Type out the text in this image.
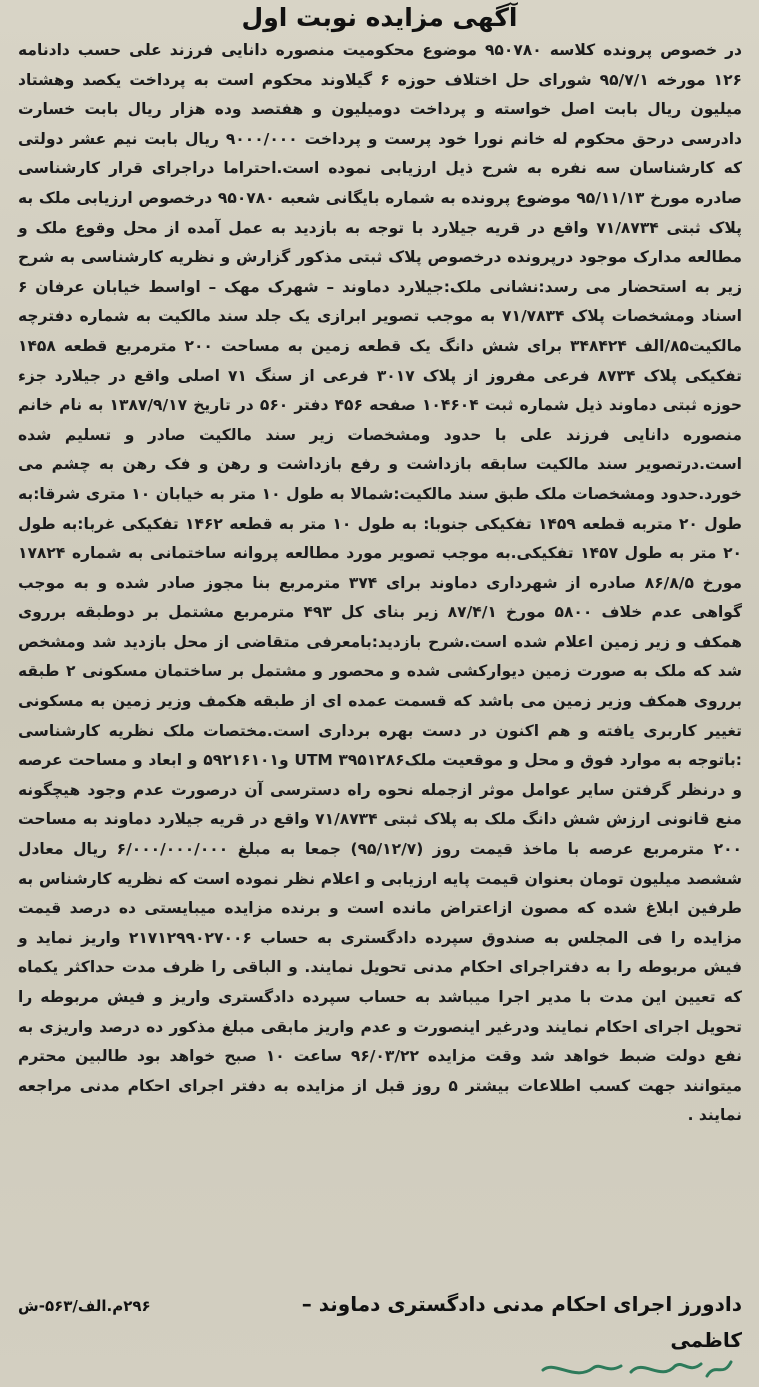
آگهی مزایده نوبت اول
در خصوص پرونده کلاسه ۹۵۰۷۸۰ موضوع محکومیت منصوره دانایی فرزند علی حسب دادنامه ۱۲۶ مورخه ۹۵/۷/۱ شورای حل اختلاف حوزه ۶ گیلاوند محکوم است به پرداخت یکصد وهشتاد میلیون ریال بابت اصل خواسته و پرداخت دومیلیون و هفتصد وده هزار ریال بابت خسارت دادرسی درحق محکوم له خانم نورا خود پرست و پرداخت ۹۰۰۰/۰۰۰ ریال بابت نیم عشر دولتی که کارشناسان سه نفره به شرح ذیل ارزیابی نموده است.احتراما دراجرای قرار کارشناسی صادره مورخ ۹۵/۱۱/۱۳ موضوع پرونده به شماره بایگانی شعبه ۹۵۰۷۸۰ درخصوص ارزیابی ملک به پلاک ثبتی ۷۱/۸۷۳۴ واقع در قریه جیلارد با توجه به بازدید به عمل آمده از محل وقوع ملک و مطالعه مدارک موجود درپرونده درخصوص پلاک ثبتی مذکور گزارش و نظریه کارشناسی به شرح زیر به استحضار می رسد:نشانی ملک:جیلارد دماوند – شهرک مهک – اواسط خیابان عرفان ۶ اسناد ومشخصات پلاک ۷۱/۷۸۳۴ به موجب تصویر ابرازی یک جلد سند مالکیت به شماره دفترچه مالکیت۸۵/الف ۳۴۸۴۲۴ برای شش دانگ یک قطعه زمین به مساحت ۲۰۰ مترمربع قطعه ۱۴۵۸ تفکیکی پلاک ۸۷۳۴ فرعی مفروز از پلاک ۳۰۱۷ فرعی از سنگ ۷۱ اصلی واقع در جیلارد جزء حوزه ثبتی دماوند ذیل شماره ثبت ۱۰۴۶۰۴ صفحه ۴۵۶ دفتر ۵۶۰ در تاریخ ۱۳۸۷/۹/۱۷ به نام خانم منصوره دانایی فرزند علی با حدود ومشخصات زیر سند مالکیت صادر و تسلیم شده است.درتصویر سند مالکیت سابقه بازداشت و رفع بازداشت و رهن و فک رهن به چشم می خورد.حدود ومشخصات ملک طبق سند مالکیت:شمالا به طول ۱۰ متر به خیابان ۱۰ متری شرقا:به طول ۲۰ متربه قطعه ۱۴۵۹ تفکیکی جنوبا: به طول ۱۰ متر به قطعه ۱۴۶۲ تفکیکی غربا:به طول ۲۰ متر به طول ۱۴۵۷ تفکیکی.به موجب تصویر مورد مطالعه پروانه ساختمانی به شماره ۱۷۸۲۴ مورخ ۸۶/۸/۵ صادره از شهرداری دماوند برای ۳۷۴ مترمربع بنا مجوز صادر شده و به موجب گواهی عدم خلاف ۵۸۰۰ مورخ ۸۷/۴/۱ زیر بنای کل ۴۹۳ مترمربع مشتمل بر دوطبقه برروی همکف و زیر زمین اعلام شده است.شرح بازدید:بامعرفی متقاضی از محل بازدید شد ومشخص شد که ملک به صورت زمین دیوارکشی شده و محصور و مشتمل بر ساختمان مسکونی ۲ طبقه برروی همکف وزیر زمین می باشد که قسمت عمده ای از طبقه هکمف وزیر زمین به مسکونی تغییر کاربری یافته و هم اکنون در دست بهره برداری است.مختصات ملک نظریه کارشناسی :باتوجه به موارد فوق و محل و موقعیت ملکUTM ۳۹۵۱۲۸۶ و۵۹۲۱۶۱۰۱ و ابعاد و مساحت عرصه و درنظر گرفتن سایر عوامل موثر ازجمله نحوه راه دسترسی آن درصورت عدم وجود هیچگونه منع قانونی ارزش شش دانگ ملک به پلاک ثبتی ۷۱/۸۷۳۴ واقع در قریه جیلارد دماوند به مساحت ۲۰۰ مترمربع عرصه با ماخذ قیمت روز (۹۵/۱۲/۷) جمعا به مبلغ ۶/۰۰۰/۰۰۰/۰۰۰ ریال معادل ششصد میلیون تومان بعنوان قیمت پایه ارزیابی و اعلام نظر نموده است که نظریه کارشناس به طرفین ابلاغ شده که مصون ازاعتراض مانده است و برنده مزایده میبایستی ده درصد قیمت مزایده را فی المجلس به صندوق سپرده دادگستری به حساب ۲۱۷۱۲۹۹۰۲۷۰۰۶ واریز نماید و فیش مربوطه را به دفتراجرای احکام مدنی تحویل نمایند. و الباقی را ظرف مدت حداکثر یکماه که تعیین این مدت با مدیر اجرا میباشد به حساب سپرده دادگستری واریز و فیش مربوطه را تحویل اجرای احکام نمایند ودرغیر اینصورت و عدم واریز مابقی مبلغ مذکور ده درصد واریزی به نفع دولت ضبط خواهد شد وقت مزایده ۹۶/۰۳/۲۲ ساعت ۱۰ صبح خواهد بود طالبین محترم میتوانند جهت کسب اطلاعات بیشتر ۵ روز قبل از مزایده به دفتر اجرای احکام مدنی مراجعه نمایند .
دادورز اجرای احکام مدنی دادگستری دماوند –
۲۹۶م.الف/۵۶۳-ش
کاظمی
